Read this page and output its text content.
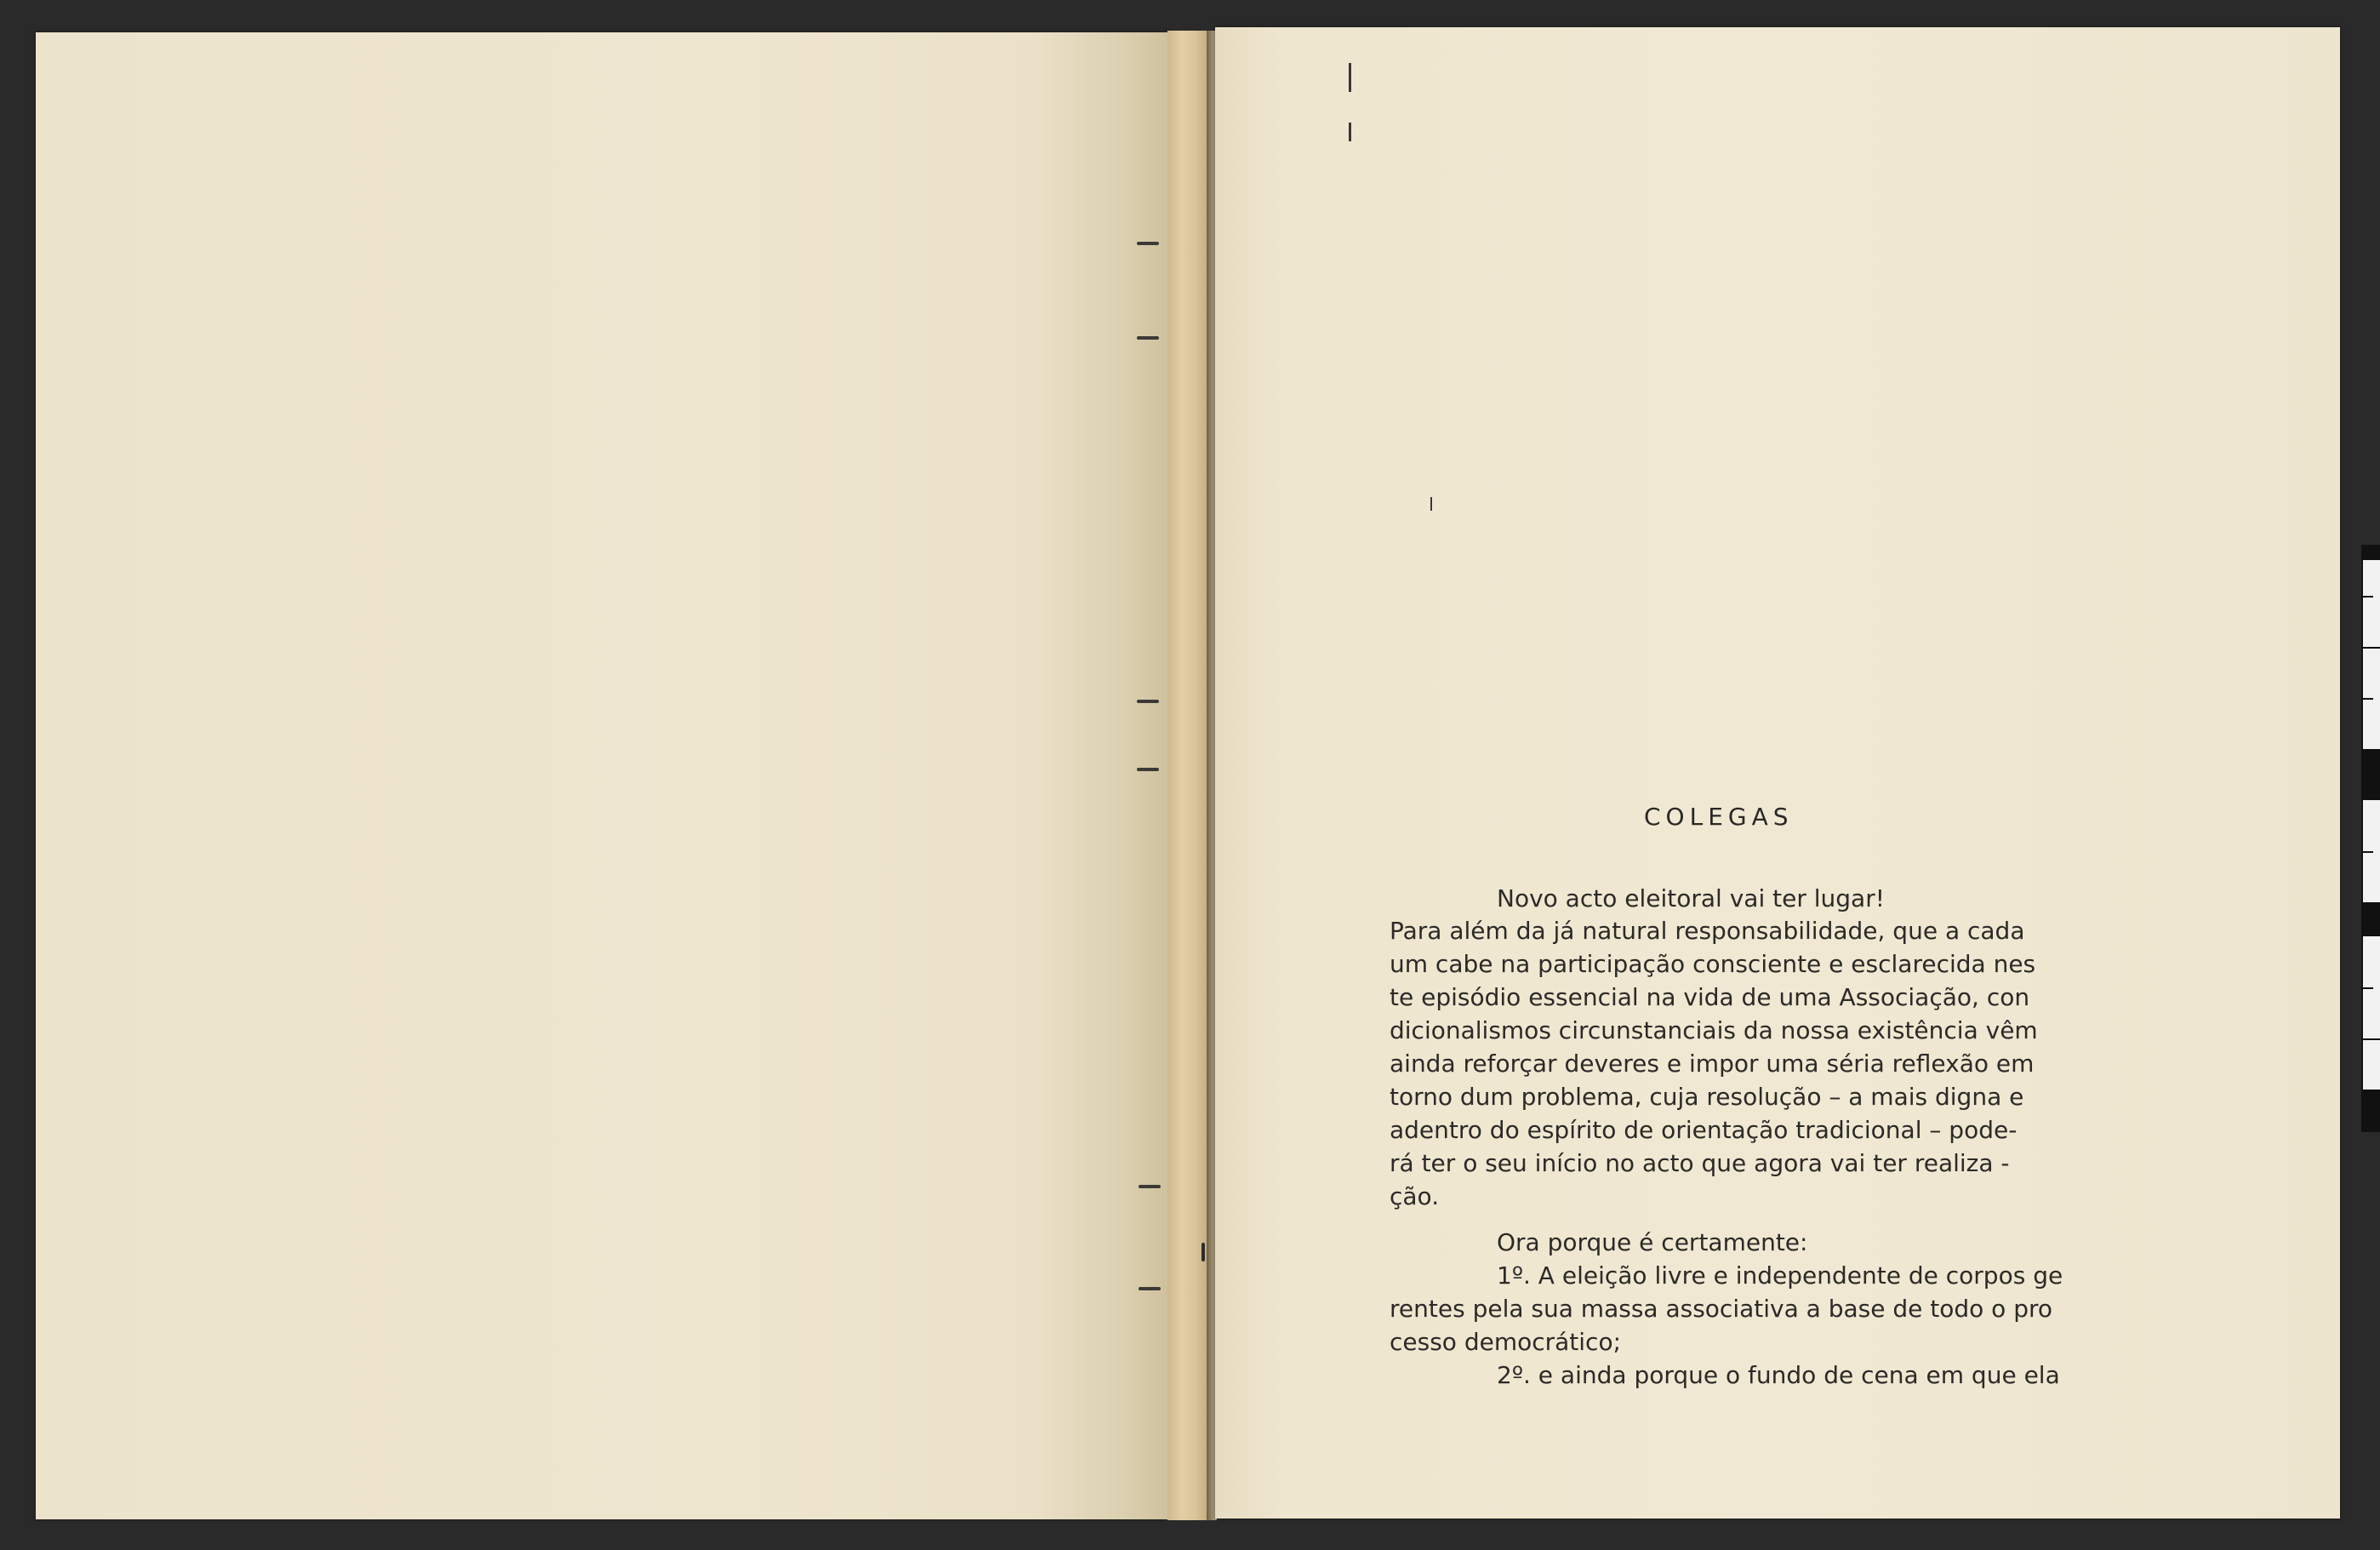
COLEGAS
Novo acto eleitoral vai ter lugar!
Para além da já natural responsabilidade, que a cada
um cabe na participação consciente e esclarecida nes
te episódio essencial na vida de uma Associação, con
dicionalismos circunstanciais da nossa existência vêm
ainda reforçar deveres e impor uma séria reflexão em
torno dum problema, cuja resolução – a mais digna e
adentro do espírito de orientação tradicional – pode-
rá ter o seu início no acto que agora vai ter realiza -
ção.
Ora porque é certamente:
1º. A eleição livre e independente de corpos ge
rentes pela sua massa associativa a base de todo o pro
cesso democrático;
2º. e ainda porque o fundo de cena em que ela
